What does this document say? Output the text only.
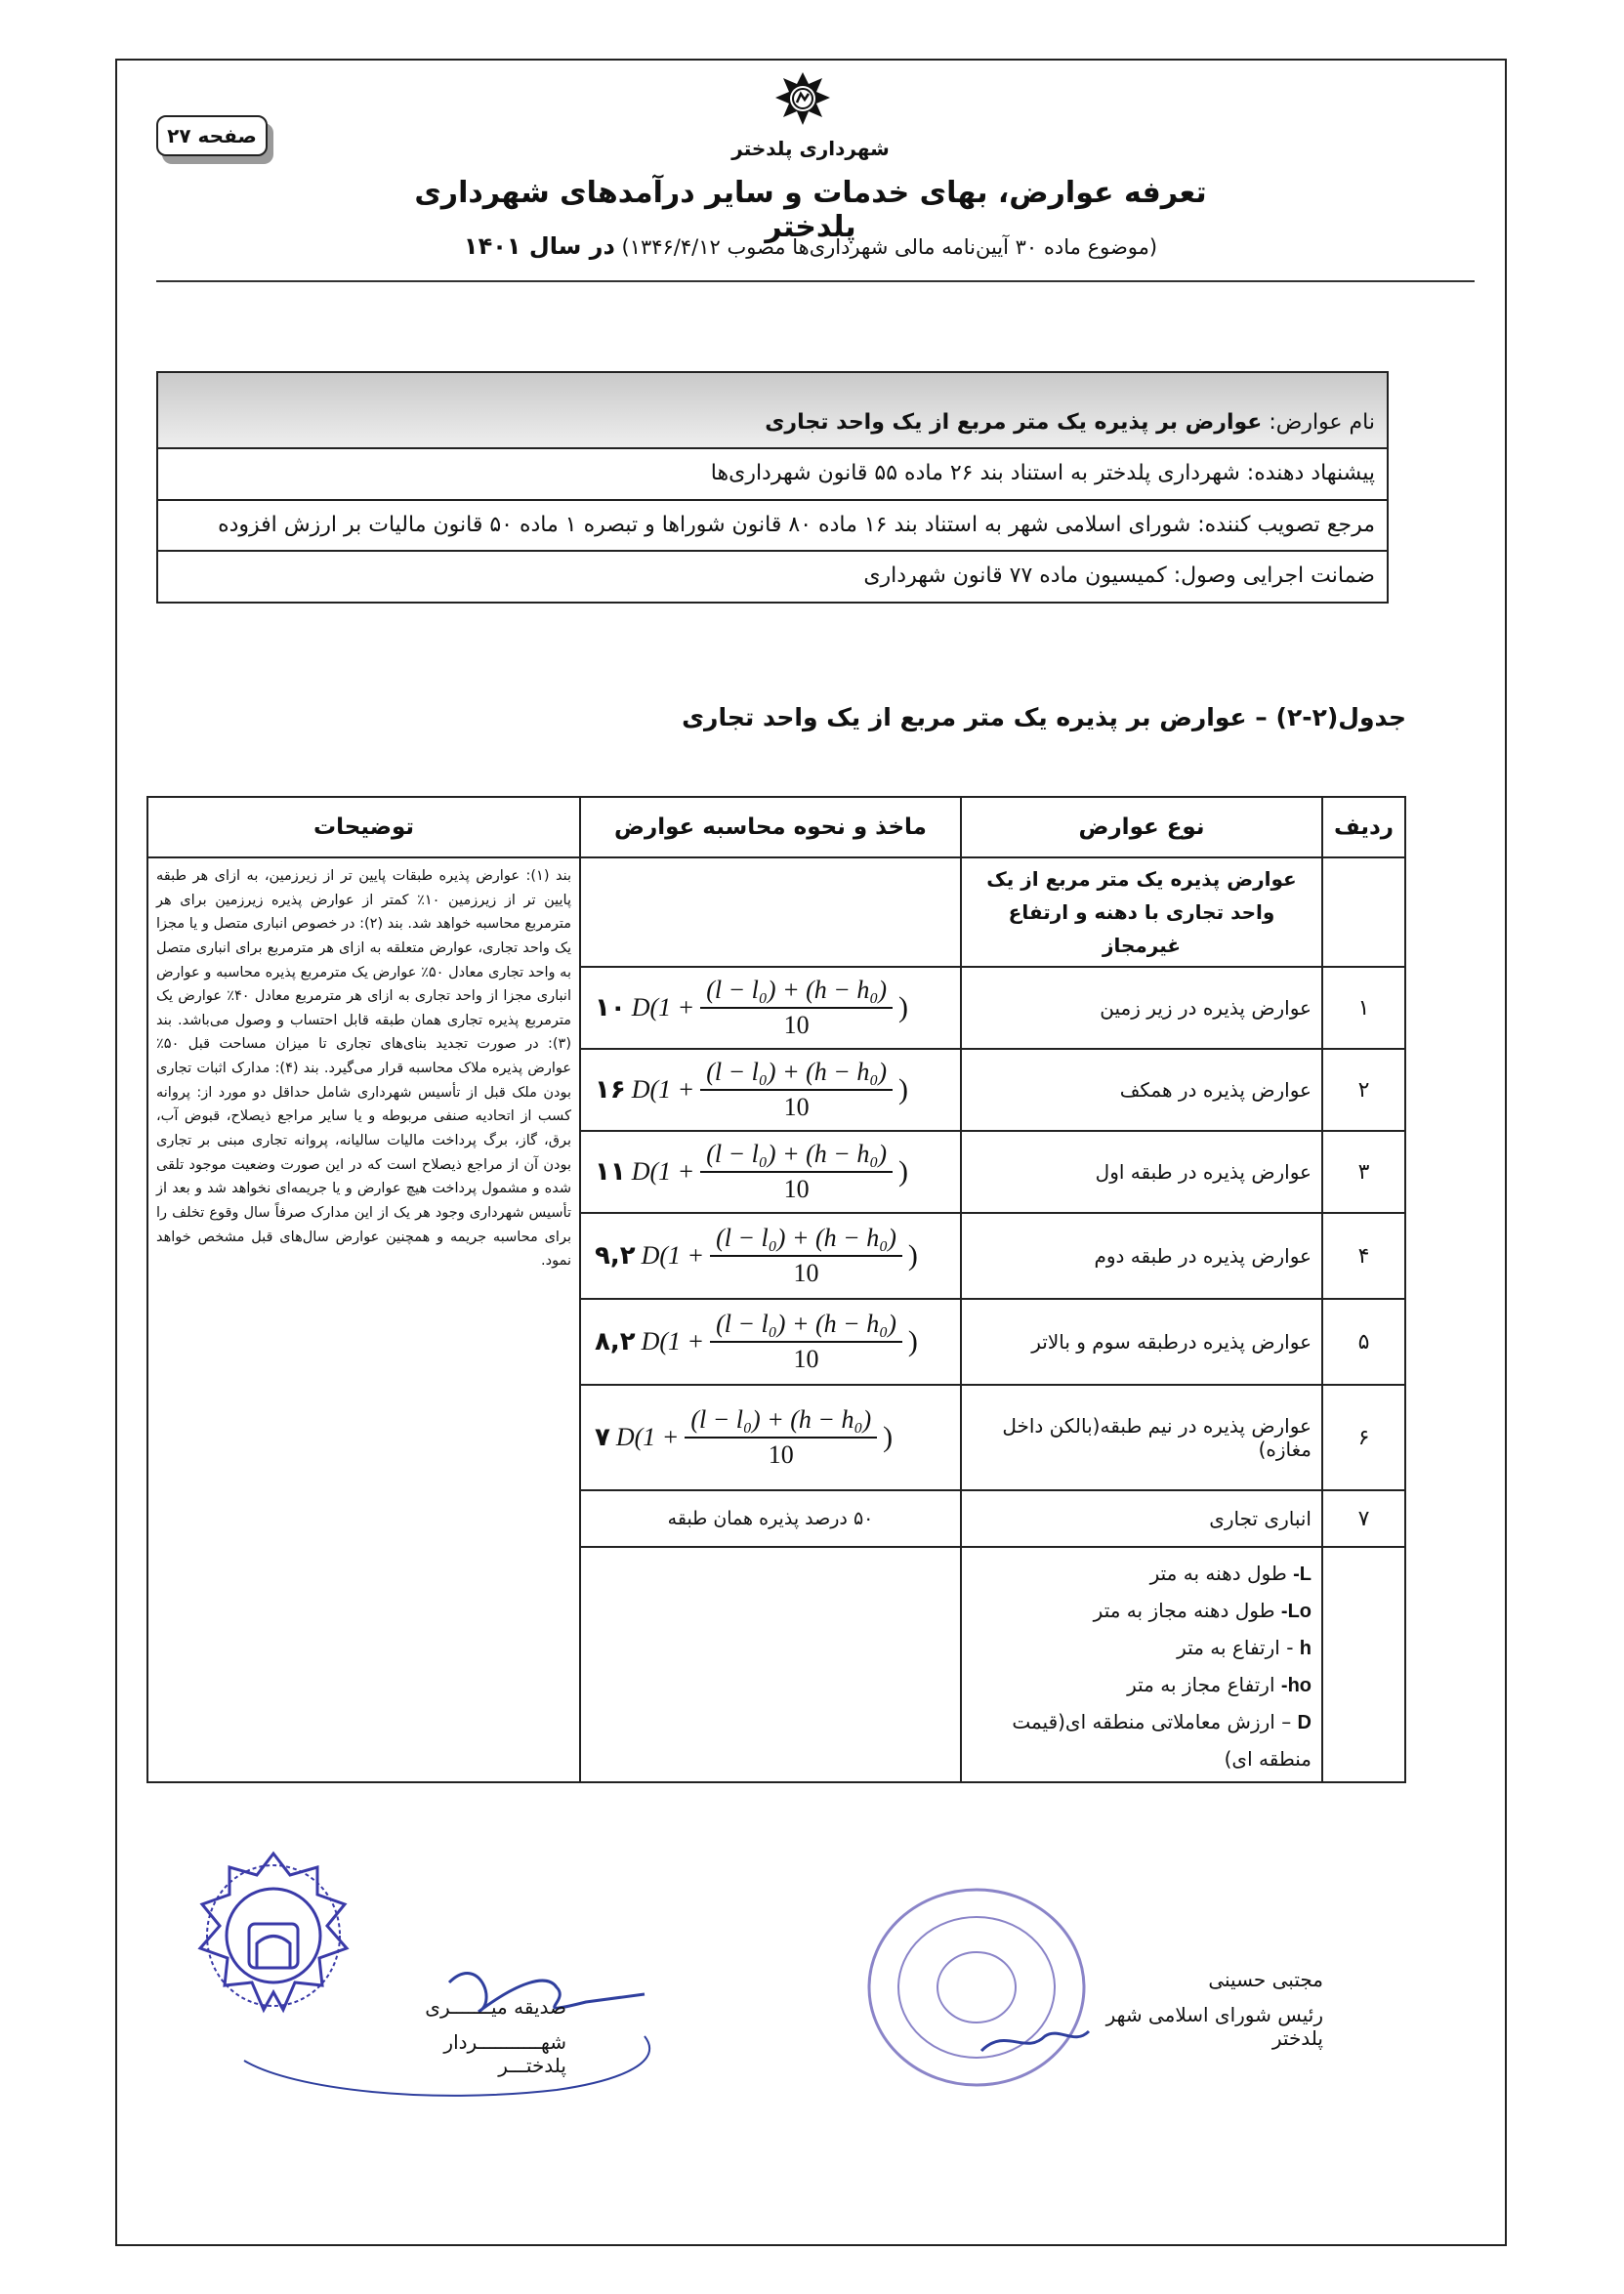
صفحه ۲۷
شهرداری پلدختر
تعرفه عوارض، بهای خدمات و سایر درآمدهای شهرداری پلدختر
(موضوع ماده ۳۰ آیین‌نامه مالی شهرداری‌ها مصوب ۱۳۴۶/۴/۱۲) در سال ۱۴۰۱
نام عوارض: عوارض بر پذیره یک متر مربع از یک واحد تجاری
پیشنهاد دهنده: شهرداری پلدختر به استناد بند ۲۶ ماده ۵۵ قانون شهرداری‌ها
مرجع تصویب کننده: شورای اسلامی شهر به استناد بند ۱۶ ماده ۸۰ قانون شوراها و تبصره ۱ ماده ۵۰ قانون مالیات بر ارزش افزوده
ضمانت اجرایی وصول: کمیسیون ماده ۷۷ قانون شهرداری
جدول(۲-۲) – عوارض بر پذیره یک متر مربع از یک واحد تجاری
ردیف	نوع عوارض	ماخذ و نحوه محاسبه عوارض	توضیحات
	عوارض پذیره یک متر مربع از یک واحد تجاری با دهنه و ارتفاع غیرمجاز		بند (۱): عوارض پذیره طبقات پایین تر از زیرزمین، به ازای هر طبقه پایین تر از زیرزمین ۱۰٪ کمتر از عوارض پذیره زیرزمین برای هر مترمربع محاسبه خواهد شد. بند (۲): در خصوص انباری متصل و یا مجزا یک واحد تجاری، عوارض متعلقه به ازای هر مترمربع برای انباری متصل به واحد تجاری معادل ۵۰٪ عوارض یک مترمربع پذیره محاسبه و عوارض انباری مجزا از واحد تجاری به ازای هر مترمربع معادل ۴۰٪ عوارض یک مترمربع پذیره تجاری همان طبقه قابل احتساب و وصول می‌باشد. بند (۳): در صورت تجدید بنای‌های تجاری تا میزان مساحت قبل ۵۰٪ عوارض پذیره ملاک محاسبه قرار می‌گیرد. بند (۴): مدارک اثبات تجاری بودن ملک قبل از تأسیس شهرداری شامل حداقل دو مورد از: پروانه کسب از اتحادیه صنفی مربوطه و یا سایر مراجع ذیصلاح، قبوض آب، برق، گاز، برگ پرداخت مالیات سالیانه، پروانه تجاری مبنی بر تجاری بودن آن از مراجع ذیصلاح است که در این صورت وضعیت موجود تلقی شده و مشمول پرداخت هیچ عوارض و یا جریمه‌ای نخواهد شد و بعد از تأسیس شهرداری وجود هر یک از این مدارک صرفاً سال وقوع تخلف را برای محاسبه جریمه و همچنین عوارض سال‌های قبل مشخص خواهد نمود.
۱	عوارض پذیره در زیر زمین	۱۰ $D(1 + \frac{\text{(l − l₀) + (h − h₀)}}{10}$ )	

۲	عوارض پذیره در همکف	۱۶ $D(1 + \frac{\text{(l − l₀) + (h − h₀)}}{10}$ )	

۳	عوارض پذیره در طبقه اول	۱۱ $D(1 + \frac{\text{(l − l₀) + (h − h₀)}}{10}$ )	

۴	عوارض پذیره در طبقه دوم	۹,۲ $D(1 + \frac{\text{(l − l₀) + (h − h₀)}}{10}$ )	

۵	عوارض پذیره درطبقه سوم و بالاتر	۸,۲ $D(1 + \frac{\text{(l − l₀) + (h − h₀)}}{10}$ )	

۶	عوارض پذیره در نیم طبقه(بالکن داخل مغازه)	۷ $D(1 + \frac{\text{(l − l₀) + (h − h₀)}}{10}$ )	

۷	انباری تجاری	۵۰ درصد پذیره همان طبقه	

	L- طول دهنه به متر
Lo- طول دهنه مجاز به متر
h - ارتفاع به متر
ho- ارتفاع مجاز به متر
D – ارزش معاملاتی منطقه ای(قیمت منطقه ای)		

صدیقه میـــــــری
شهـــــــــــردار پلدختـــر
مجتبی حسینی
رئیس شورای اسلامی شهر پلدختر
